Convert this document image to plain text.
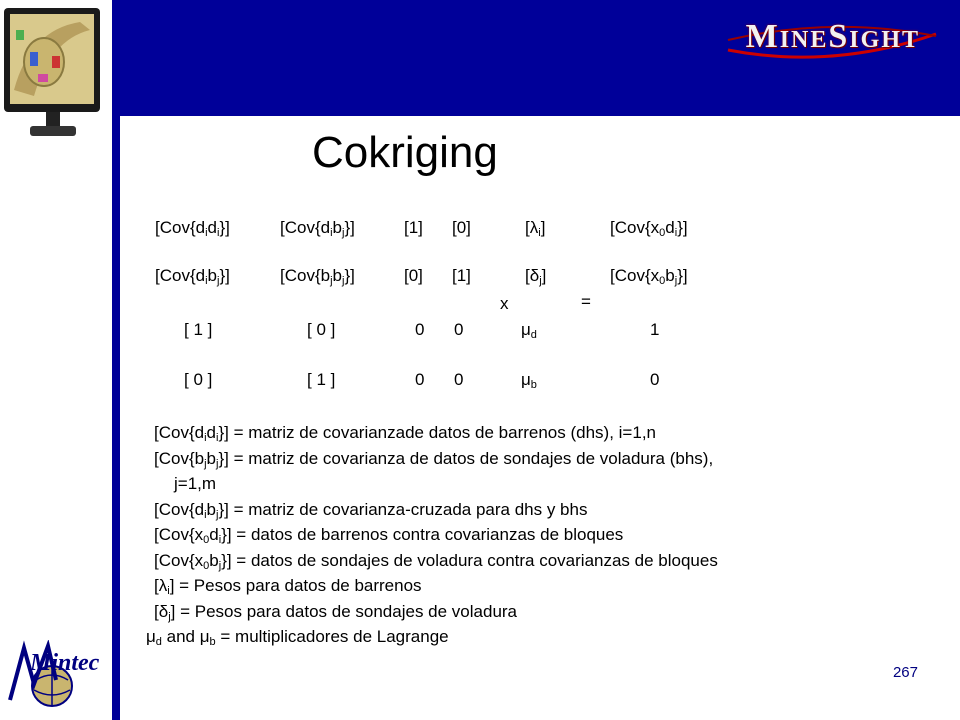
MineSight
Cokriging
$[Cov\{d_id_i\}]$	$[Cov\{d_ib_j\}]$	[1] [0]	$[\lambda_i]$	$[Cov\{x_0d_i\}]$
$[Cov\{d_ib_j\}]$	$[Cov\{b_jb_j\}]$	[0] [1]	$[\delta_j]$	$[Cov\{x_0b_j\}]$
x	=
[ 1 ]	[ 0 ]	0 0	$\mu_d$	1
[ 0 ]	[ 1 ]	0 0	$\mu_b$	0
$[Cov\{d_id_i\}]$ = matriz de covarianzade datos de barrenos (dhs), i=1,n
$[Cov\{b_jb_j\}]$ = matriz de covarianza de datos de sondajes de voladura (bhs),
j=1,m
$[Cov\{d_ib_j\}]$ = matriz de covarianza-cruzada para dhs y bhs
$[Cov\{x_0d_i\}]$ = datos de barrenos contra covarianzas de bloques
$[Cov\{x_0b_j\}]$ = datos de sondajes de voladura contra covarianzas de bloques
$[\lambda_i]$ = Pesos para datos de barrenos
$[\delta_j]$ = Pesos para datos de sondajes de voladura
$\mu_d$ and $\mu_b$ = multiplicadores de Lagrange
Mintec	267
